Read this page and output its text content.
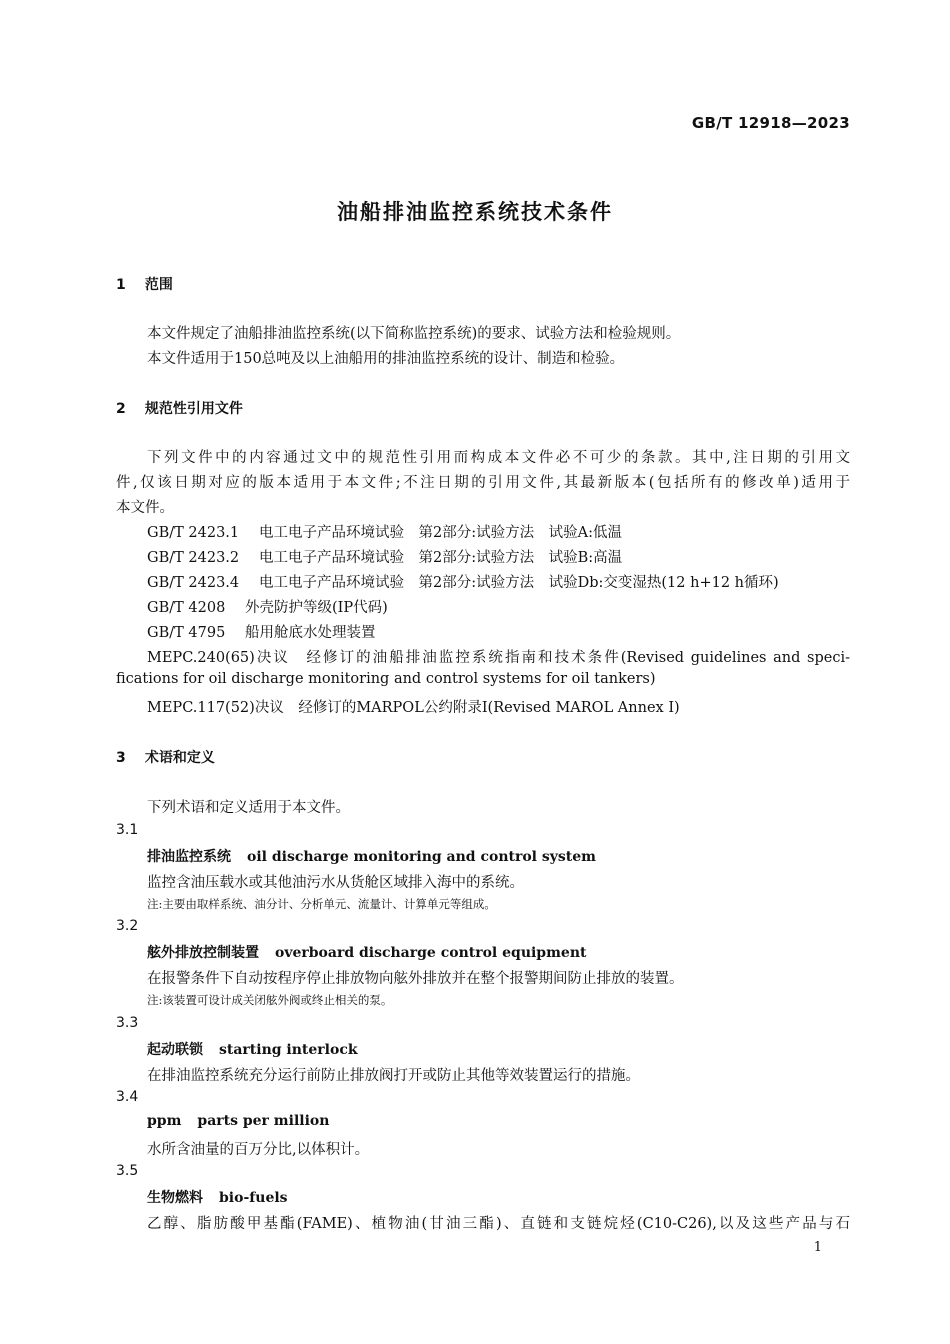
GB/T 12918—2023
油船排油监控系统技术条件
1 范围
本文件规定了油船排油监控系统(以下简称监控系统)的要求、试验方法和检验规则。
本文件适用于150总吨及以上油船用的排油监控系统的设计、制造和检验。
2 规范性引用文件
下列文件中的内容通过文中的规范性引用而构成本文件必不可少的条款。其中,注日期的引用文
件,仅该日期对应的版本适用于本文件;不注日期的引用文件,其最新版本(包括所有的修改单)适用于
本文件。
GB/T 2423.1 电工电子产品环境试验　第2部分:试验方法　试验A:低温
GB/T 2423.2 电工电子产品环境试验　第2部分:试验方法　试验B:高温
GB/T 2423.4 电工电子产品环境试验　第2部分:试验方法　试验Db:交变湿热(12 h+12 h循环)
GB/T 4208 外壳防护等级(IP代码)
GB/T 4795 船用舱底水处理装置
MEPC.240(65)决议　经修订的油船排油监控系统指南和技术条件(Revised guidelines and speci-
fications for oil discharge monitoring and control systems for oil tankers)
MEPC.117(52)决议　经修订的MARPOL公约附录Ⅰ(Revised MAROL Annex Ⅰ)
3 术语和定义
下列术语和定义适用于本文件。
3.1
排油监控系统 oil discharge monitoring and control system
监控含油压载水或其他油污水从货舱区域排入海中的系统。
注:主要由取样系统、油分计、分析单元、流量计、计算单元等组成。
3.2
舷外排放控制装置 overboard discharge control equipment
在报警条件下自动按程序停止排放物向舷外排放并在整个报警期间防止排放的装置。
注:该装置可设计成关闭舷外阀或终止相关的泵。
3.3
起动联锁 starting interlock
在排油监控系统充分运行前防止排放阀打开或防止其他等效装置运行的措施。
3.4
ppm parts per million
水所含油量的百万分比,以体积计。
3.5
生物燃料 bio-fuels
乙醇、脂肪酸甲基酯(FAME)、植物油(甘油三酯)、直链和支链烷烃(C10-C26),以及这些产品与石
1
